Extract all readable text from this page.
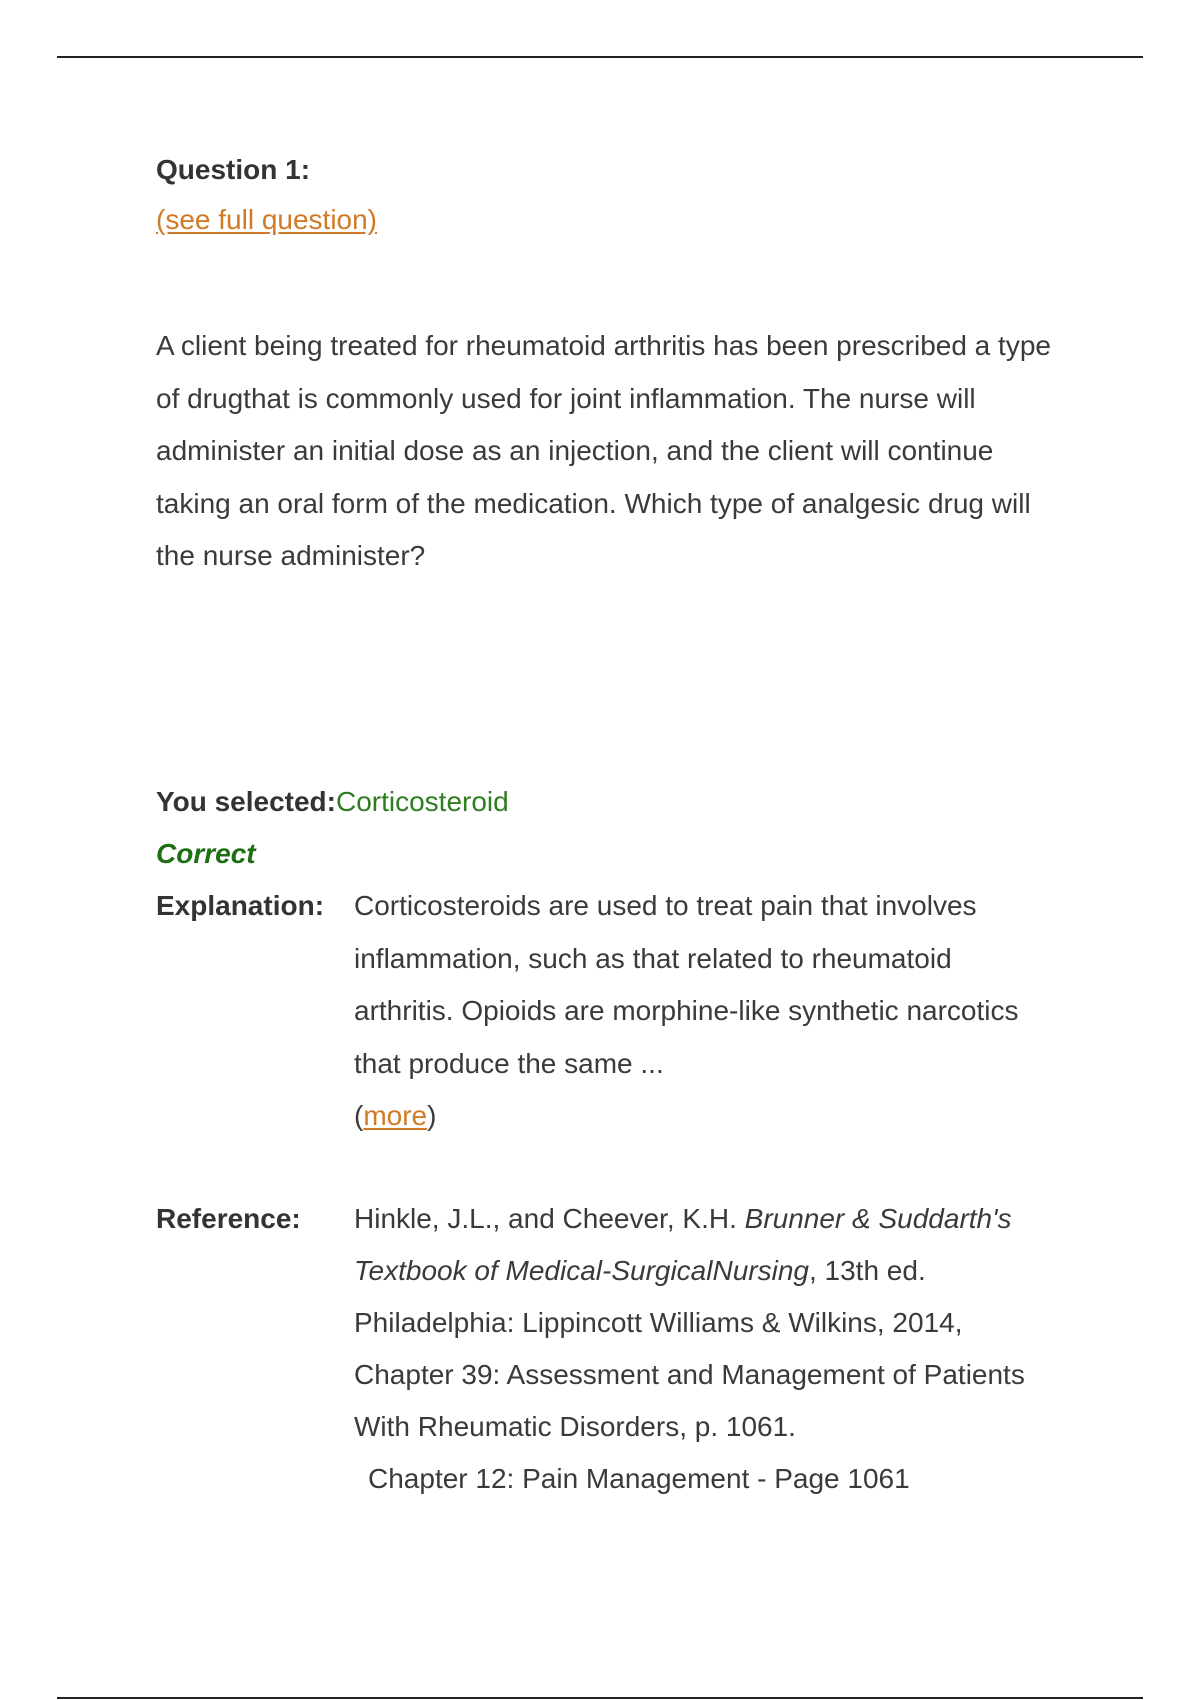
Question 1:

(see full question)

A client being treated for rheumatoid arthritis has been prescribed a type of drugthat is commonly used for joint inflammation. The nurse will administer an initial dose as an injection, and the client will continue taking an oral form of the medication. Which type of analgesic drug will the nurse administer?

You selected:Corticosteroid
Correct
Explanation:	Corticosteroids are used to treat pain that involves inflammation, such as that related to rheumatoid arthritis. Opioids are morphine-like synthetic narcotics that produce the same ...
(more)
Reference:	Hinkle, J.L., and Cheever, K.H. Brunner & Suddarth's Textbook of Medical-SurgicalNursing, 13th ed. Philadelphia: Lippincott Williams & Wilkins, 2014, Chapter 39: Assessment and Management of Patients With Rheumatic Disorders, p. 1061.
Chapter 12: Pain Management - Page 1061
